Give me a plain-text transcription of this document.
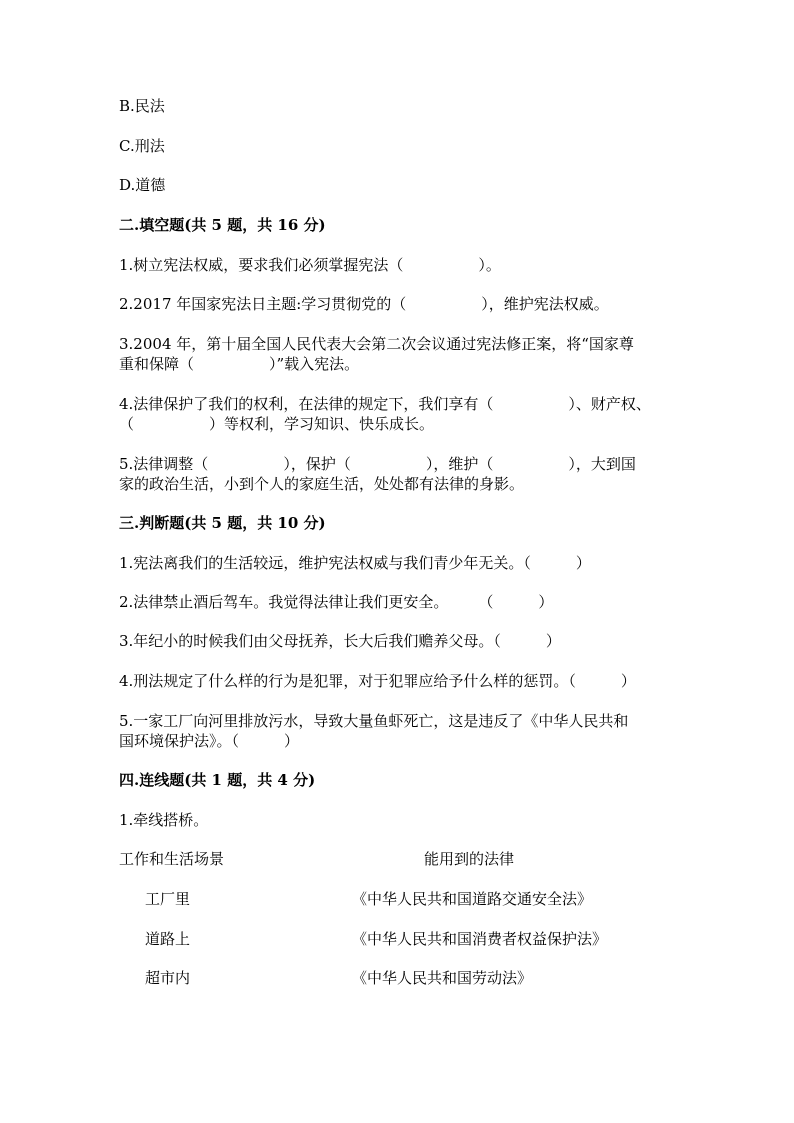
B.民法
C.刑法
D.道德
二.填空题(共 5 题，共 16 分)
1.树立宪法权威，要求我们必须掌握宪法（　　　　　）。
2.2017 年国家宪法日主题:学习贯彻党的（　　　　　），维护宪法权威。
3.2004 年，第十届全国人民代表大会第二次会议通过宪法修正案，将“国家尊
重和保障（　　　　　）”载入宪法。
4.法律保护了我们的权利，在法律的规定下，我们享有（　　　　　）、财产权、
（　　　　　）等权利，学习知识、快乐成长。
5.法律调整（　　　　　），保护（　　　　　），维护（　　　　　），大到国
家的政治生活，小到个人的家庭生活，处处都有法律的身影。
三.判断题(共 5 题，共 10 分)
1.宪法离我们的生活较远，维护宪法权威与我们青少年无关。（　　　）
2.法律禁止酒后驾车。我觉得法律让我们更安全。　　　（　　　）
3.年纪小的时候我们由父母抚养，长大后我们赡养父母。（　　　）
4.刑法规定了什么样的行为是犯罪，对于犯罪应给予什么样的惩罚。（　　　）
5.一家工厂向河里排放污水，导致大量鱼虾死亡，这是违反了《中华人民共和
国环境保护法》。（　　　）
四.连线题(共 1 题，共 4 分)
1.牵线搭桥。
工作和生活场景	能用到的法律
工厂里	《中华人民共和国道路交通安全法》
道路上	《中华人民共和国消费者权益保护法》
超市内	《中华人民共和国劳动法》
